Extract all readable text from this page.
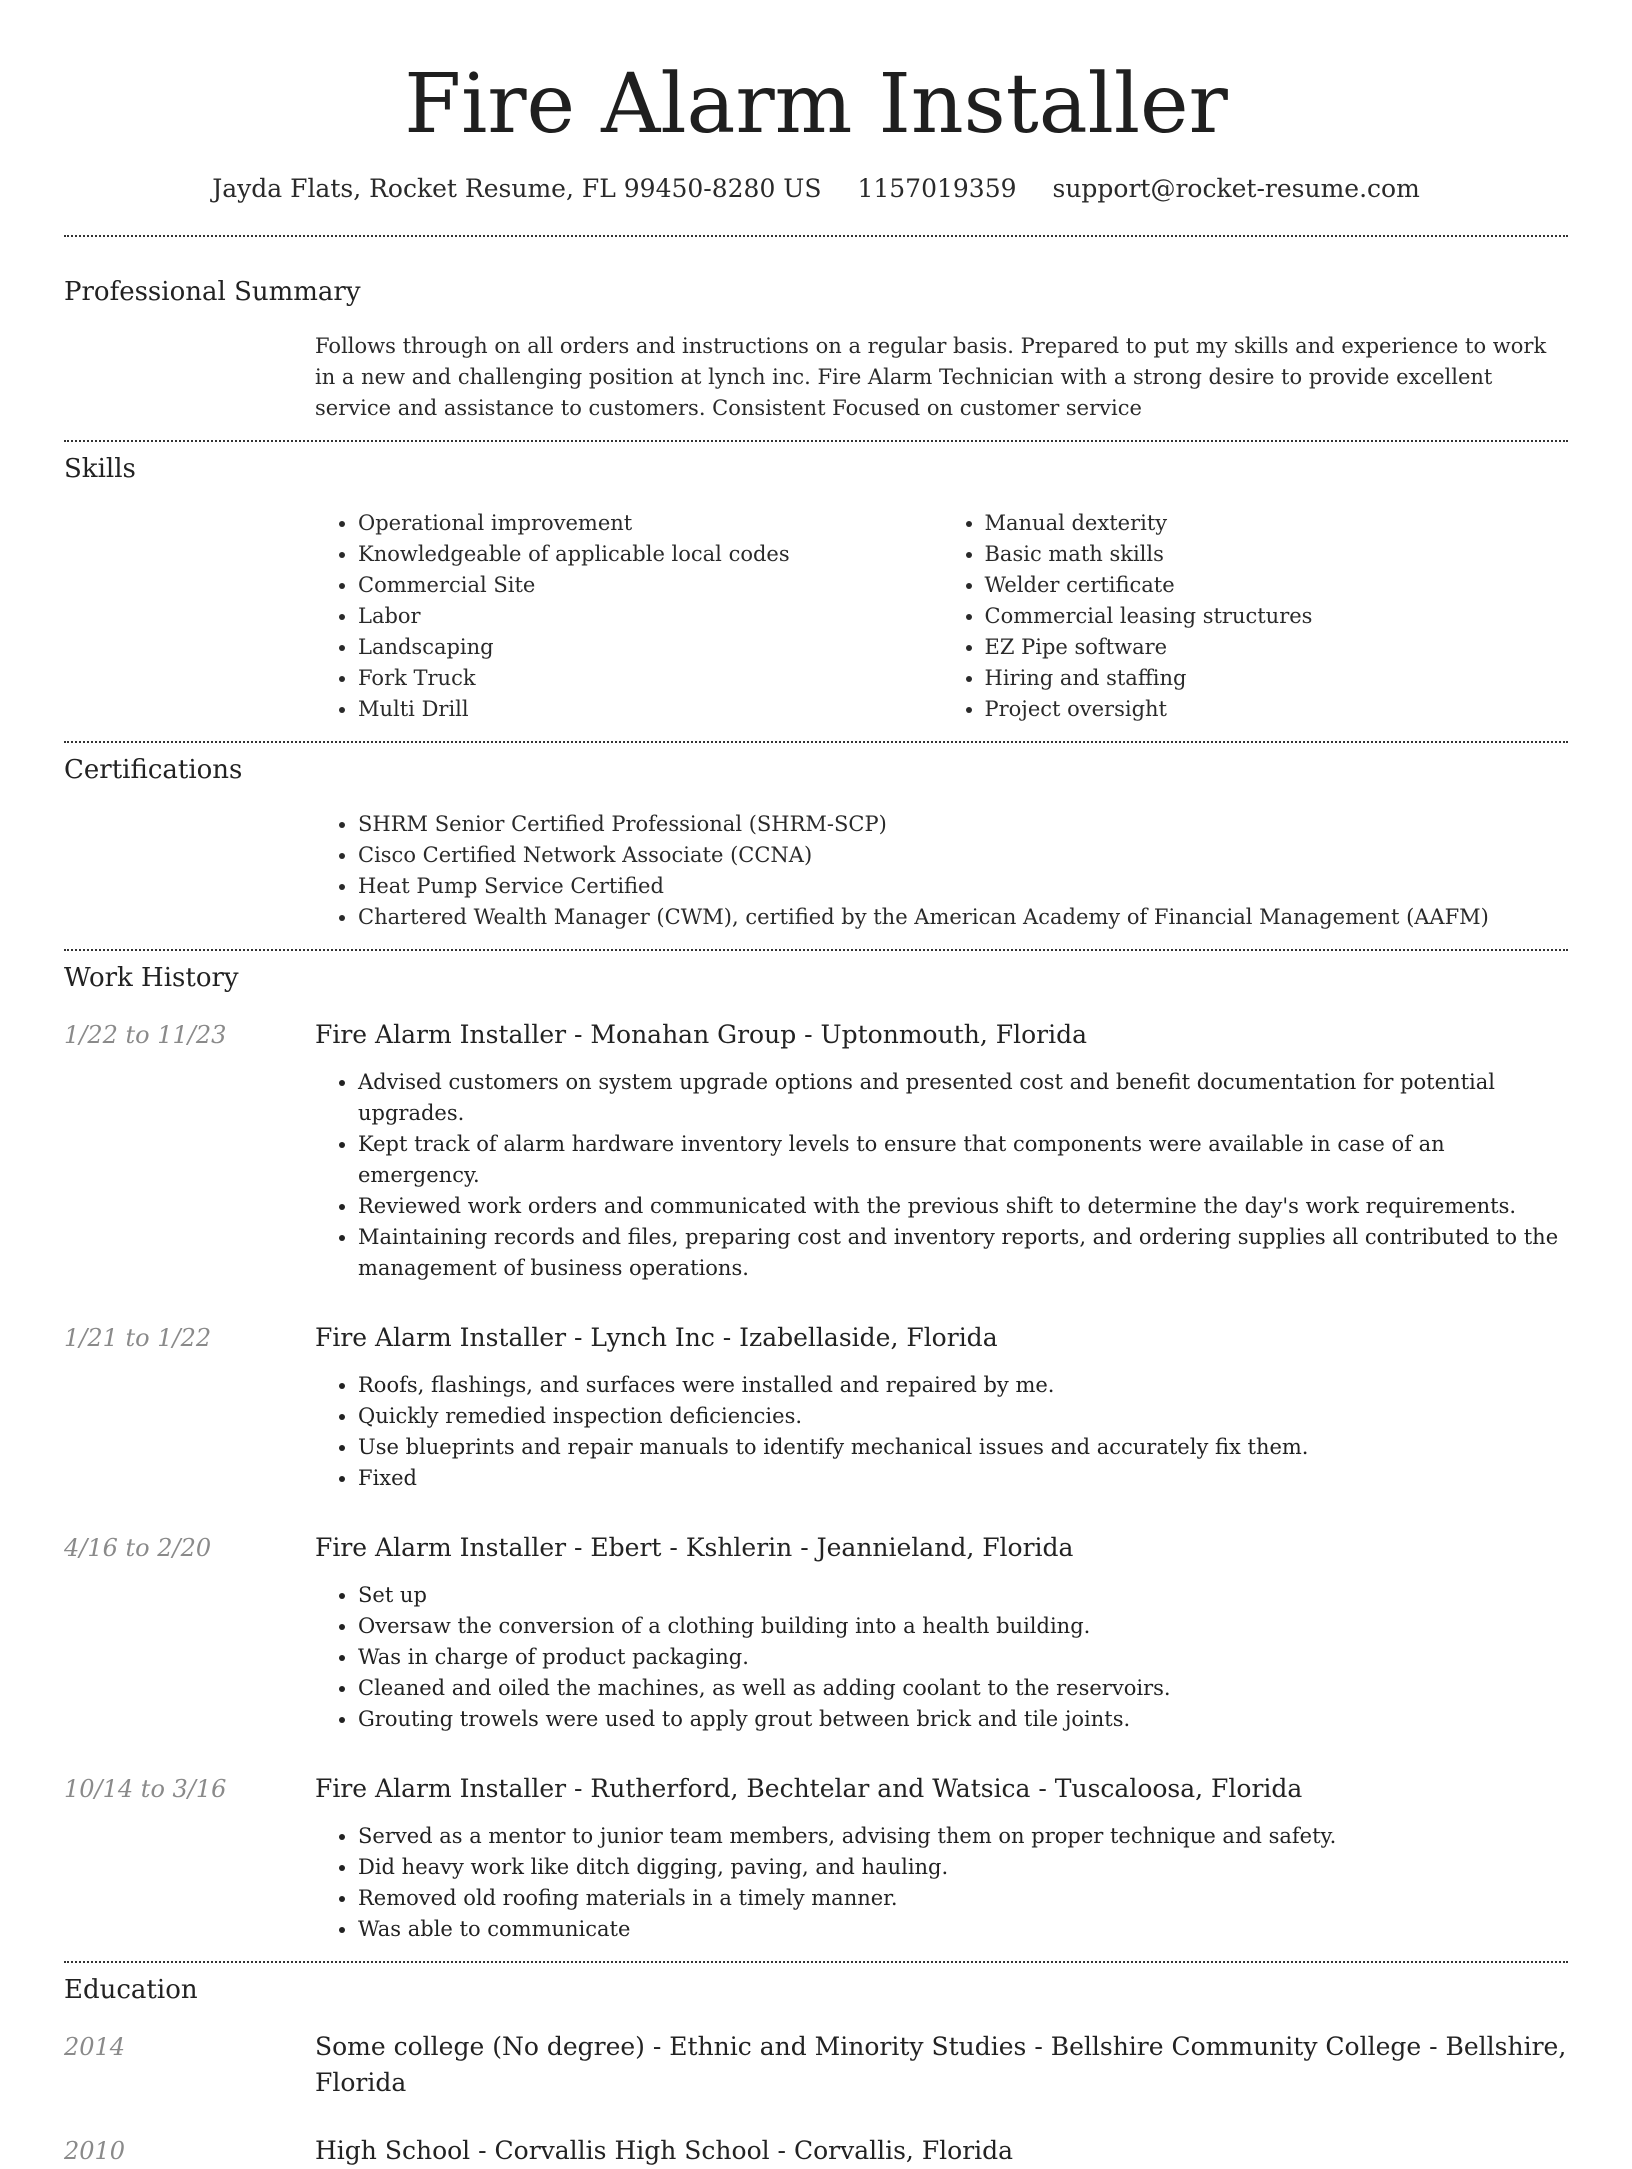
Fire Alarm Installer
Jayda Flats, Rocket Resume, FL 99450-8280 US 1157019359 support@rocket-resume.com
Professional Summary
Follows through on all orders and instructions on a regular basis. Prepared to put my skills and experience to work in a new and challenging position at lynch inc. Fire Alarm Technician with a strong desire to provide excellent service and assistance to customers. Consistent Focused on customer service
Skills
• Operational improvement
• Knowledgeable of applicable local codes
• Commercial Site
• Labor
• Landscaping
• Fork Truck
• Multi Drill
• Manual dexterity
• Basic math skills
• Welder certificate
• Commercial leasing structures
• EZ Pipe software
• Hiring and staffing
• Project oversight
Certifications
• SHRM Senior Certified Professional (SHRM-SCP)
• Cisco Certified Network Associate (CCNA)
• Heat Pump Service Certified
• Chartered Wealth Manager (CWM), certified by the American Academy of Financial Management (AAFM)
Work History
1/22 to 11/23	Fire Alarm Installer - Monahan Group - Uptonmouth, Florida
• Advised customers on system upgrade options and presented cost and benefit documentation for potential upgrades.
• Kept track of alarm hardware inventory levels to ensure that components were available in case of an emergency.
• Reviewed work orders and communicated with the previous shift to determine the day's work requirements.
• Maintaining records and files, preparing cost and inventory reports, and ordering supplies all contributed to the management of business operations.
1/21 to 1/22	Fire Alarm Installer - Lynch Inc - Izabellaside, Florida
• Roofs, flashings, and surfaces were installed and repaired by me.
• Quickly remedied inspection deficiencies.
• Use blueprints and repair manuals to identify mechanical issues and accurately fix them.
• Fixed
4/16 to 2/20	Fire Alarm Installer - Ebert - Kshlerin - Jeannieland, Florida
• Set up
• Oversaw the conversion of a clothing building into a health building.
• Was in charge of product packaging.
• Cleaned and oiled the machines, as well as adding coolant to the reservoirs.
• Grouting trowels were used to apply grout between brick and tile joints.
10/14 to 3/16	Fire Alarm Installer - Rutherford, Bechtelar and Watsica - Tuscaloosa, Florida
• Served as a mentor to junior team members, advising them on proper technique and safety.
• Did heavy work like ditch digging, paving, and hauling.
• Removed old roofing materials in a timely manner.
• Was able to communicate
Education
2014	Some college (No degree) - Ethnic and Minority Studies - Bellshire Community College - Bellshire, Florida
2010	High School - Corvallis High School - Corvallis, Florida
